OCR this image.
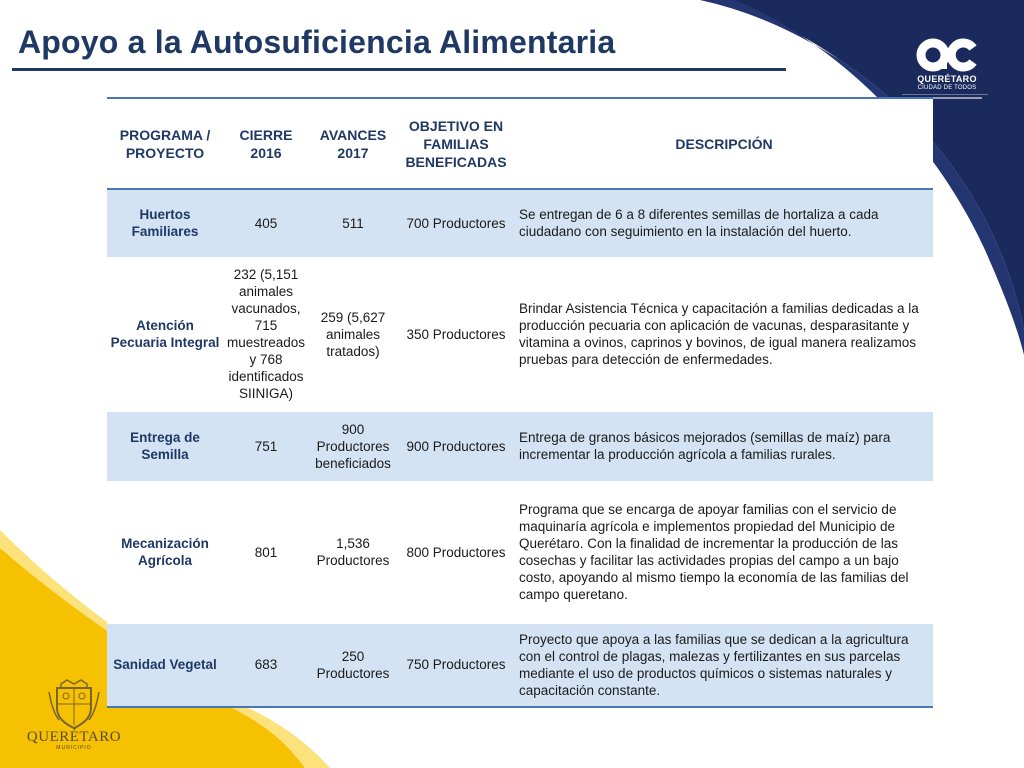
Apoyo a la Autosuficiencia Alimentaria
QUERÉTARO
CIUDAD DE TODOS
QUERÉTARO
MUNICIPIO
PROGRAMA / PROYECTO	CIERRE 2016	AVANCES 2017	OBJETIVO EN FAMILIAS BENEFICADAS	DESCRIPCIÓN
Huertos Familiares	405	511	700 Productores	Se entregan de 6 a 8 diferentes semillas de hortaliza a cada ciudadano con seguimiento en la instalación del huerto.
Atención Pecuaria Integral	232 (5,151 animales vacunados, 715 muestreados y 768 identificados SIINIGA)	259 (5,627 animales tratados)	350 Productores	Brindar Asistencia Técnica y capacitación a familias dedicadas a la producción pecuaria con aplicación de vacunas, desparasitante y vitamina a ovinos, caprinos y bovinos, de igual manera realizamos pruebas para detección de enfermedades.
Entrega de Semilla	751	900 Productores beneficiados	900 Productores	Entrega de granos básicos mejorados (semillas de maíz) para incrementar la producción agrícola a familias rurales.
Mecanización Agrícola	801	1,536 Productores	800 Productores	Programa que se encarga de apoyar familias con el servicio de maquinaría agrícola e implementos propiedad del Municipio de Querétaro. Con la finalidad de incrementar la producción de las cosechas y facilitar las actividades propias del campo a un bajo costo, apoyando al mismo tiempo la economía de las familias del campo queretano.
Sanidad Vegetal	683	250 Productores	750 Productores	Proyecto que apoya a las familias que se dedican a la agricultura con el control de plagas, malezas y fertilizantes en sus parcelas mediante el uso de productos químicos o sistemas naturales y capacitación constante.
